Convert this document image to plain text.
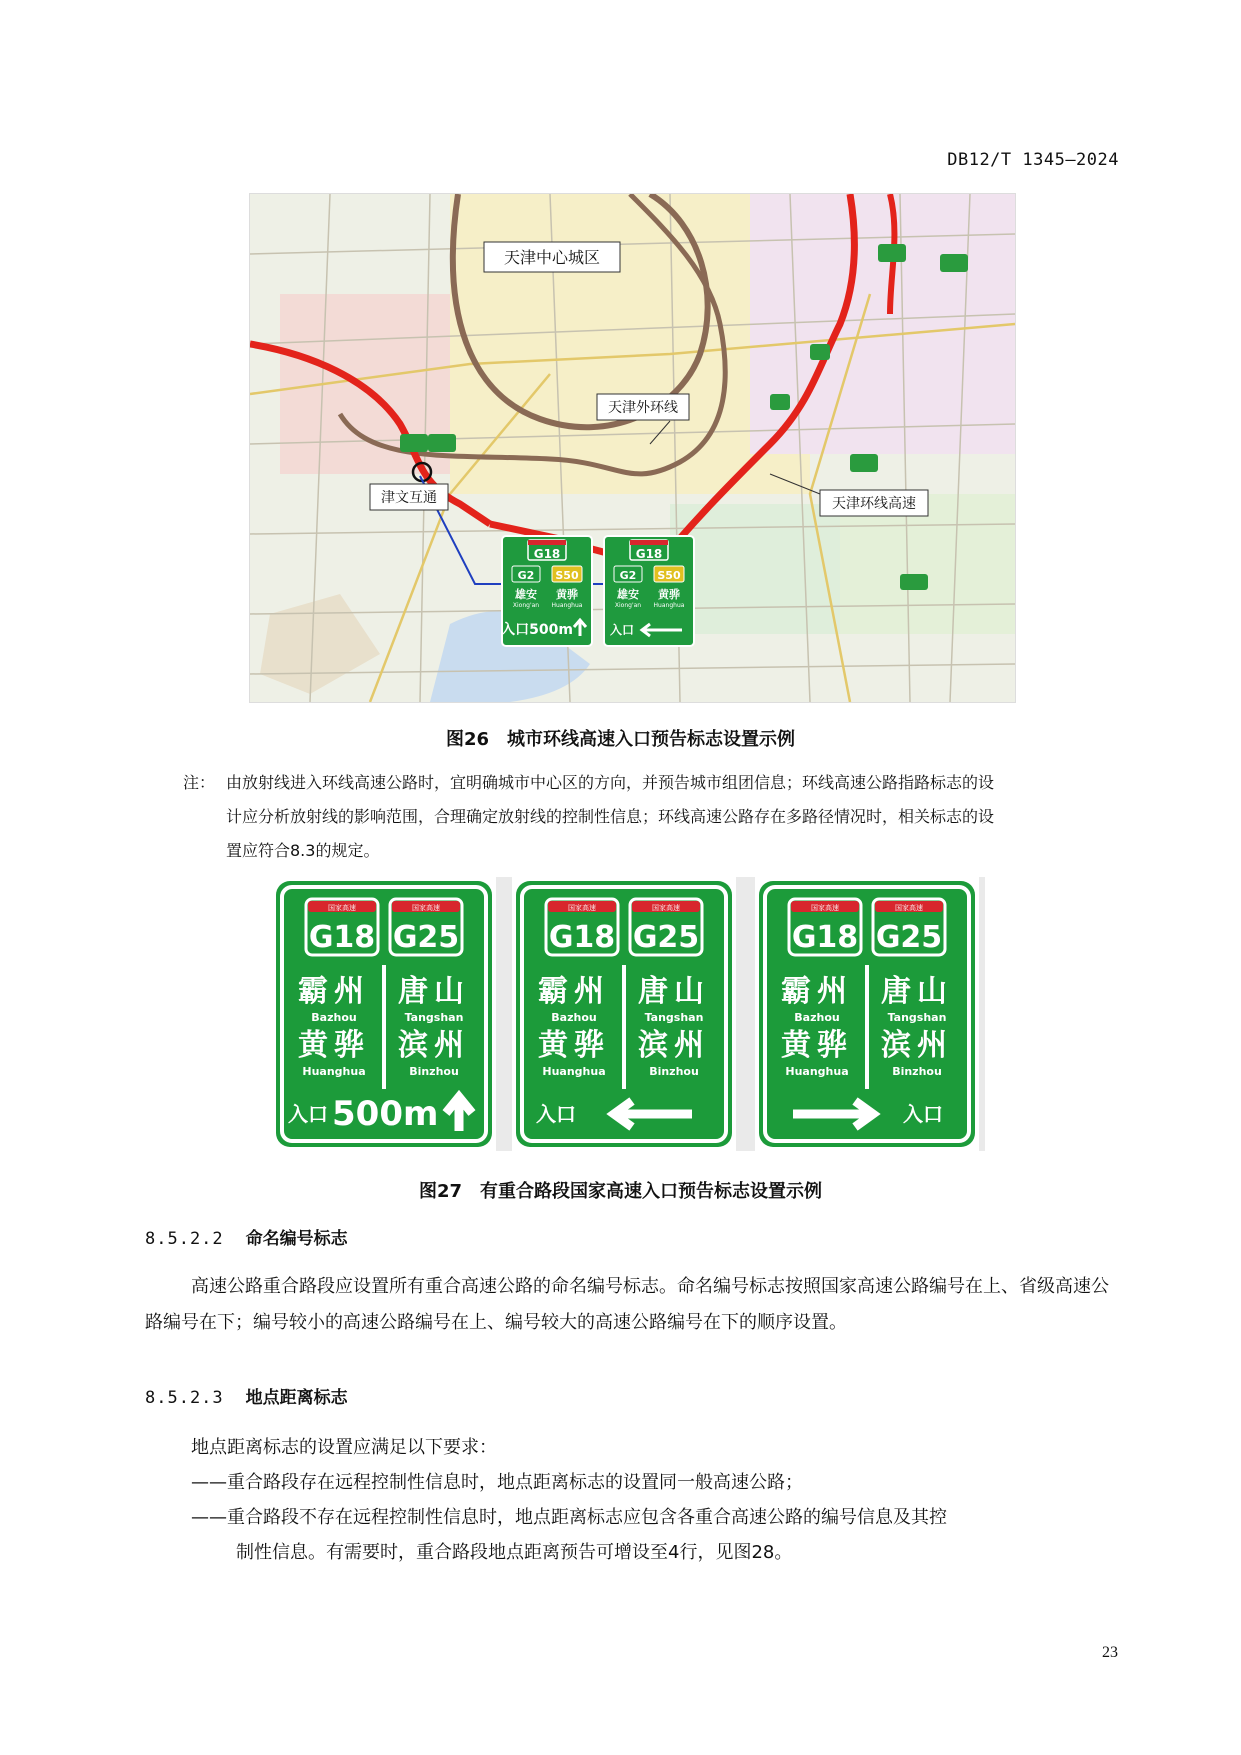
DB12/T 1345—2024
天津中心城区
天津外环线
津文互通	天津环线高速
G18
G2 S50
雄安
Xiong'an
黄骅
Huanghua
入口500m
G18
G2 S50
雄安
Xiong'an
黄骅
Huanghua
入口
图26　城市环线高速入口预告标志设置示例
注： 由放射线进入环线高速公路时，宜明确城市中心区的方向，并预告城市组团信息；环线高速公路指路标志的设
计应分析放射线的影响范围，合理确定放射线的控制性信息；环线高速公路存在多路径情况时，相关标志的设
置应符合8.3的规定。
国家高速	国家高速
G18 G25
霸州
Bazhou
唐山
Tangshan
黄骅
Huanghua
滨州
Binzhou
入口 500m
国家高速	国家高速
G18 G25
霸州
Bazhou
唐山
Tangshan
黄骅
Huanghua
滨州
Binzhou
入口
国家高速	国家高速
G18 G25
霸州
Bazhou
唐山
Tangshan
黄骅
Huanghua
滨州
Binzhou
入口
图27　有重合路段国家高速入口预告标志设置示例
8.5.2.2 命名编号标志
高速公路重合路段应设置所有重合高速公路的命名编号标志。命名编号标志按照国家高速公路编号在上、省级高速公路编号在下；编号较小的高速公路编号在上、编号较大的高速公路编号在下的顺序设置。
8.5.2.3 地点距离标志
地点距离标志的设置应满足以下要求：
——重合路段存在远程控制性信息时，地点距离标志的设置同一般高速公路；
——重合路段不存在远程控制性信息时，地点距离标志应包含各重合高速公路的编号信息及其控
制性信息。有需要时，重合路段地点距离预告可增设至4行，见图28。
23
